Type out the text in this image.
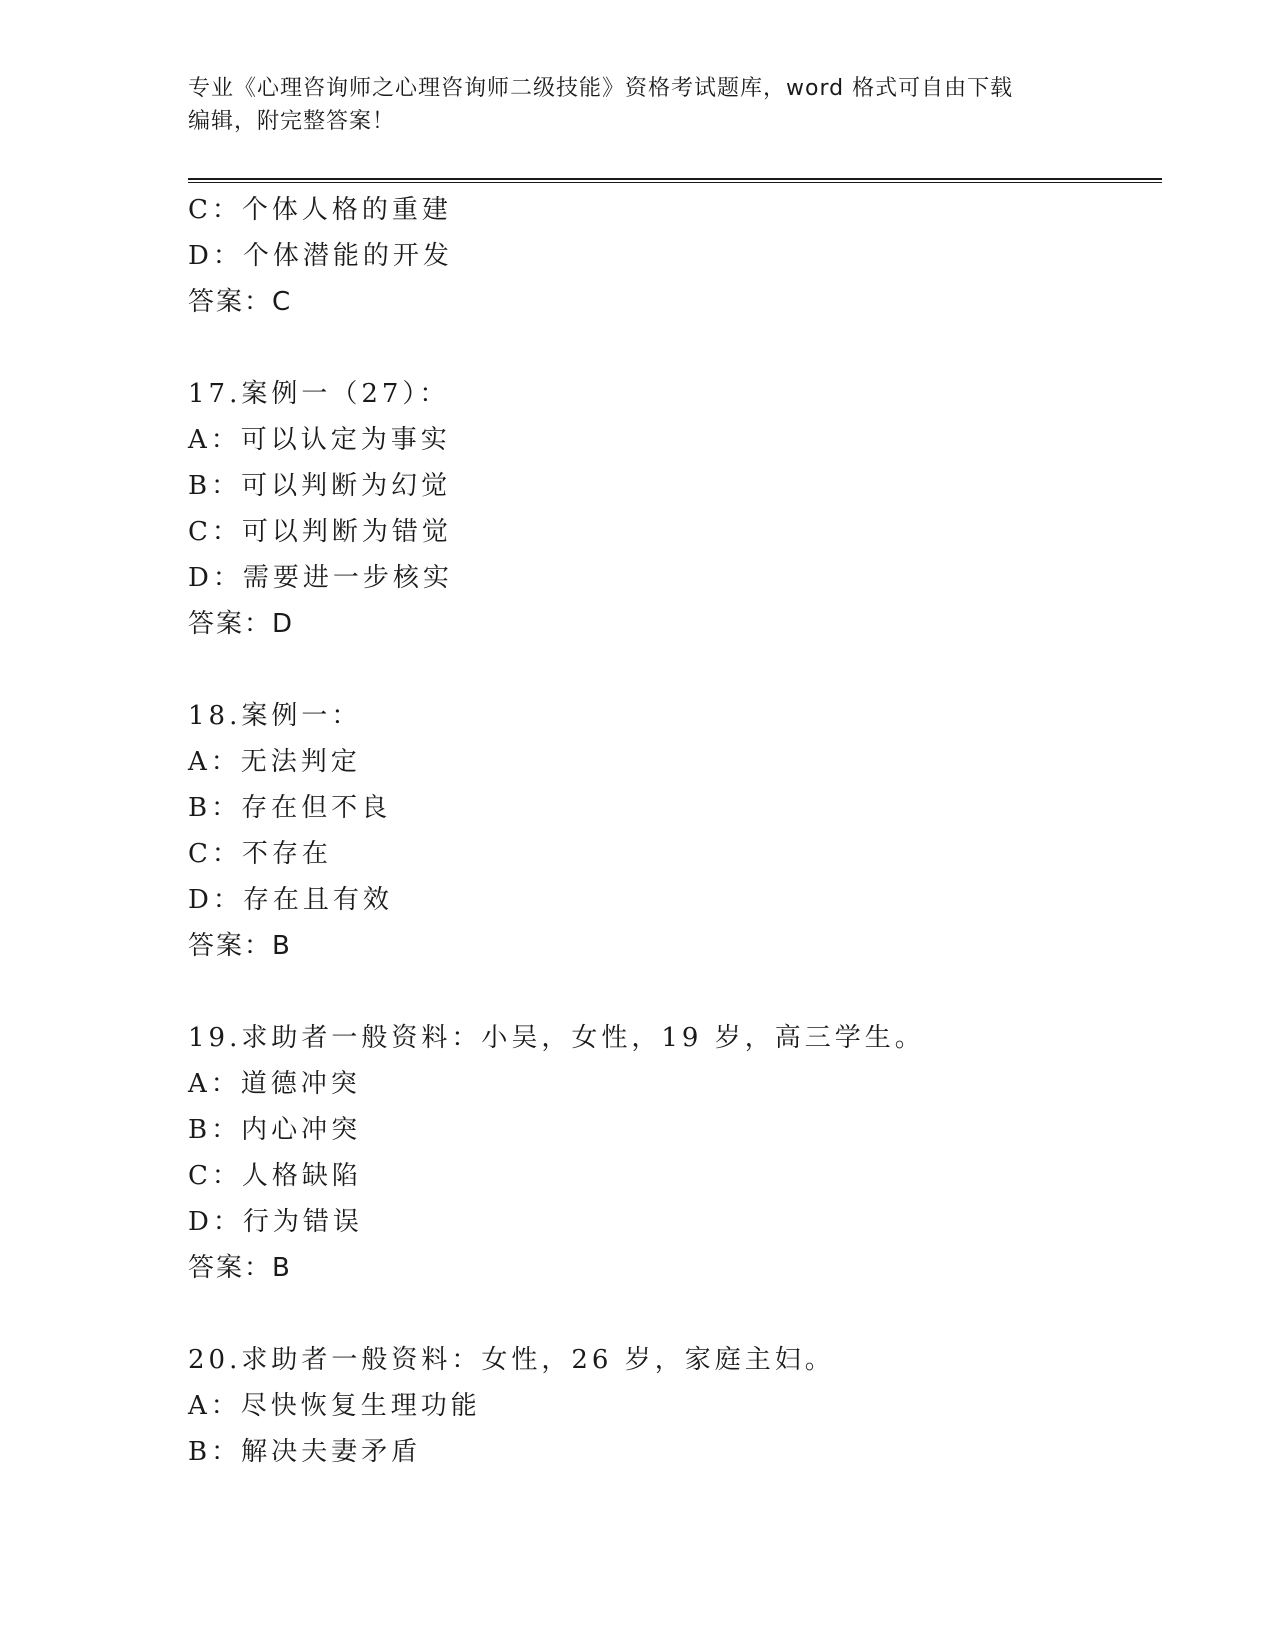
专业《心理咨询师之心理咨询师二级技能》资格考试题库，word 格式可自由下载
编辑，附完整答案！
C：个体人格的重建
D：个体潜能的开发
答案：C
17.案例一（27）：
A：可以认定为事实
B：可以判断为幻觉
C：可以判断为错觉
D：需要进一步核实
答案：D
18.案例一：
A：无法判定
B：存在但不良
C：不存在
D：存在且有效
答案：B
19.求助者一般资料：小吴，女性，19 岁，高三学生。
A：道德冲突
B：内心冲突
C：人格缺陷
D：行为错误
答案：B
20.求助者一般资料：女性，26 岁，家庭主妇。
A：尽快恢复生理功能
B：解决夫妻矛盾
